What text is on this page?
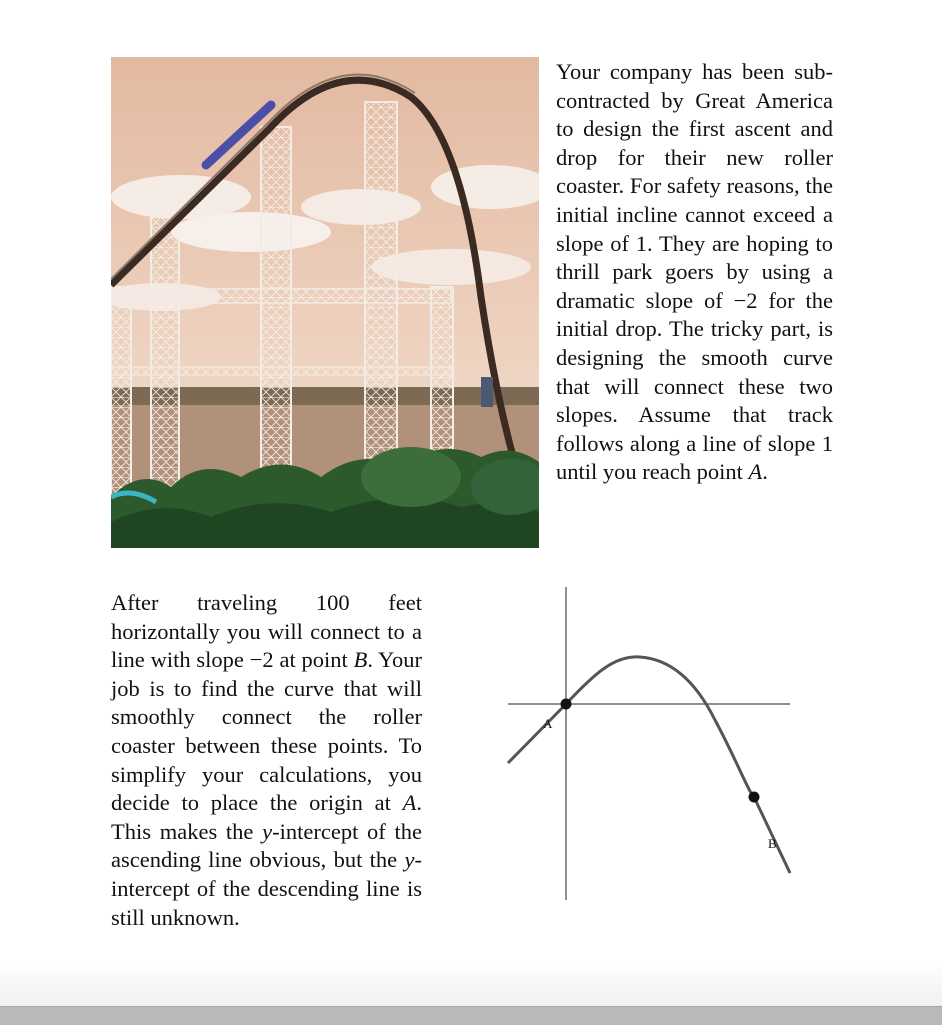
Your company has been sub-contracted by Great America to design the first ascent and drop for their new roller coaster. For safety reasons, the initial incline cannot exceed a slope of 1. They are hoping to thrill park goers by using a dramatic slope of −2 for the initial drop. The tricky part, is designing the smooth curve that will connect these two slopes. Assume that track follows along a line of slope 1 until you reach point A.

After traveling 100 feet horizontally you will connect to a line with slope −2 at point B. Your job is to find the curve that will smoothly connect the roller coaster between these points. To simplify your calculations, you decide to place the origin at A. This makes the y-intercept of the ascending line obvious, but the y-intercept of the descending line is still unknown.

A
B
